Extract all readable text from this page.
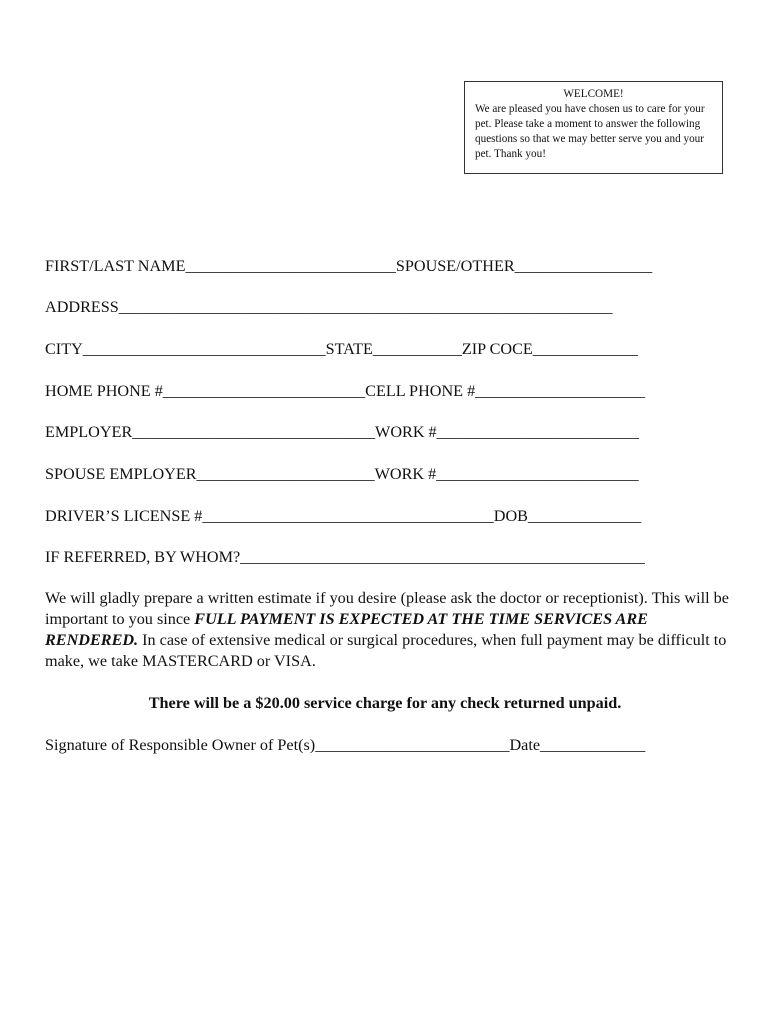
WELCOME!
We are pleased you have chosen us to care for your pet. Please take a moment to answer the following questions so that we may better serve you and your pet. Thank you!
FIRST/LAST NAME__________________________SPOUSE/OTHER_________________
ADDRESS_____________________________________________________________
CITY______________________________STATE___________ZIP COCE_____________
HOME PHONE #_________________________CELL PHONE #_____________________
EMPLOYER______________________________WORK #_________________________
SPOUSE EMPLOYER______________________WORK #_________________________
DRIVER’S LICENSE #____________________________________DOB______________
IF REFERRED, BY WHOM?__________________________________________________
We will gladly prepare a written estimate if you desire (please ask the doctor or receptionist). This will be important to you since FULL PAYMENT IS EXPECTED AT THE TIME SERVICES ARE RENDERED. In case of extensive medical or surgical procedures, when full payment may be difficult to make, we take MASTERCARD or VISA.
There will be a $20.00 service charge for any check returned unpaid.
Signature of Responsible Owner of Pet(s)________________________Date_____________
